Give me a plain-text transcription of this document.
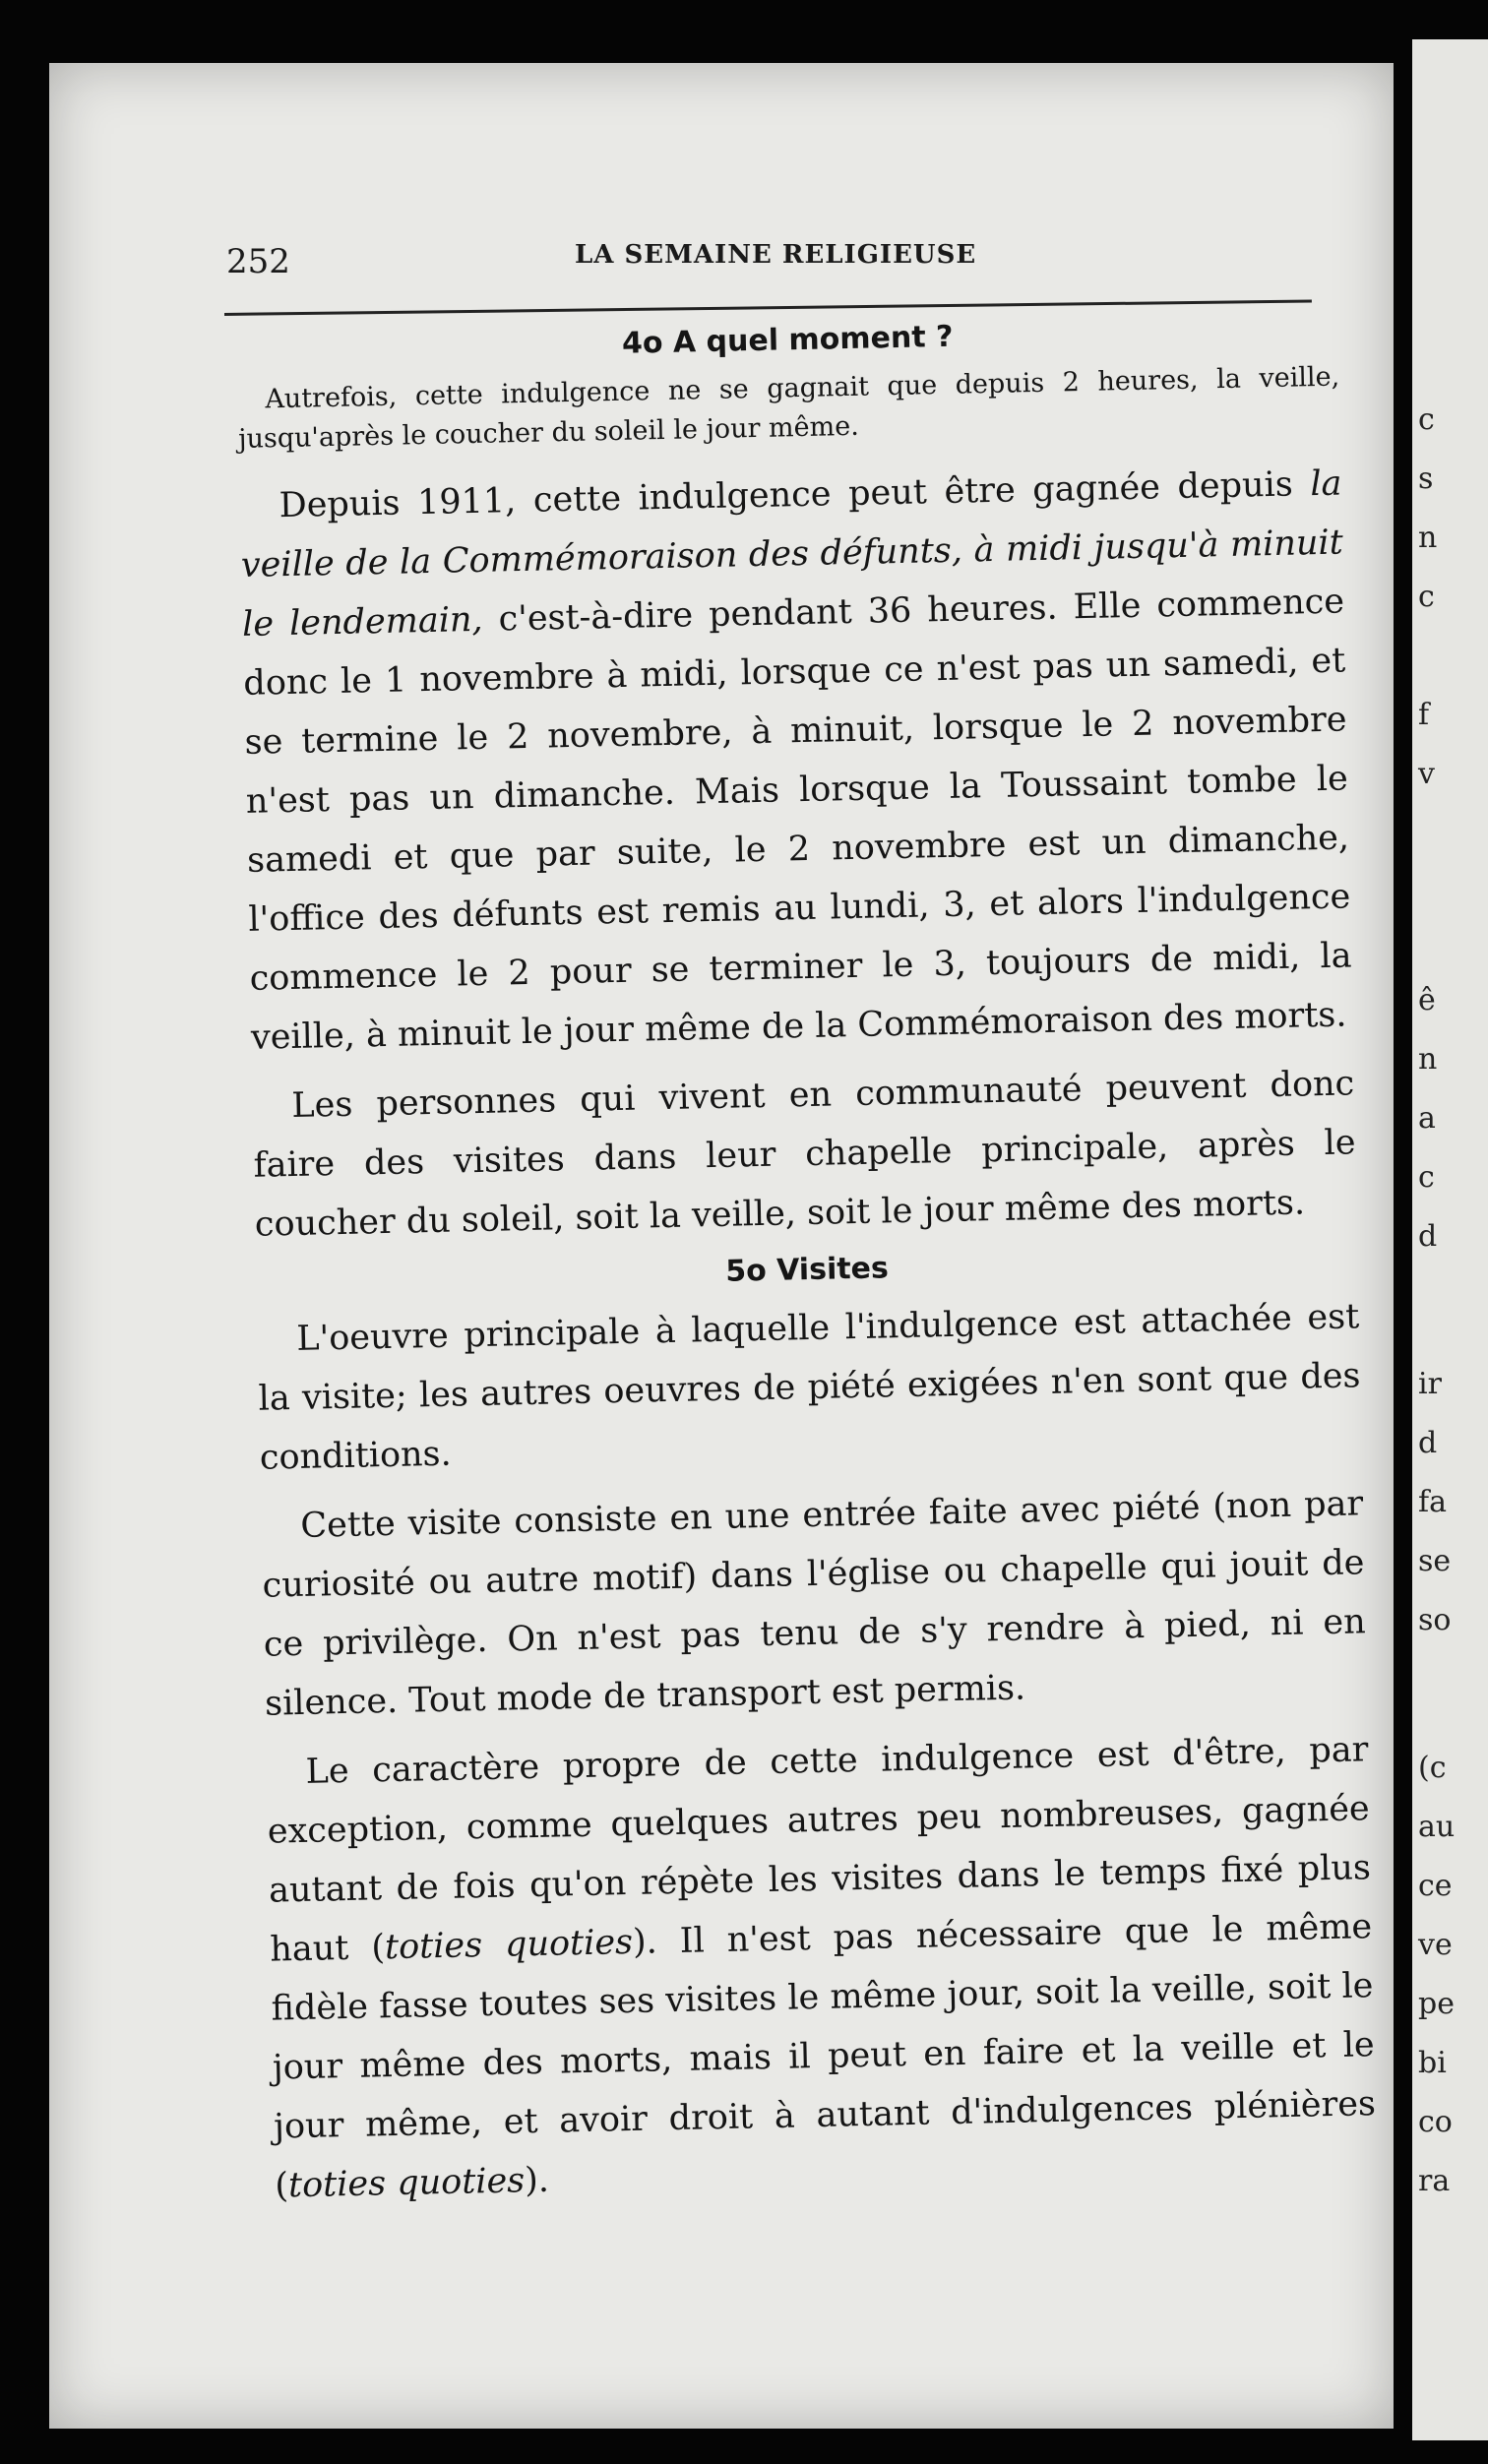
c
s
n
c
f
v
ê
n
a
c
d
ir
d
fa
se
so
(c
au
ce
ve
pe
bi
co
ra
252	LA SEMAINE RELIGIEUSE
4o A quel moment ?

Autrefois, cette indulgence ne se gagnait que depuis 2 heures, la veille, jusqu'après le coucher du soleil le jour même.

Depuis 1911, cette indulgence peut être gagnée depuis la veille de la Commémoraison des défunts, à midi jusqu'à minuit le lendemain, c'est-à-dire pendant 36 heures. Elle commence donc le 1 novembre à midi, lorsque ce n'est pas un samedi, et se termine le 2 novembre, à minuit, lorsque le 2 novembre n'est pas un dimanche. Mais lorsque la Toussaint tombe le samedi et que par suite, le 2 novembre est un dimanche, l'office des défunts est remis au lundi, 3, et alors l'indulgence commence le 2 pour se terminer le 3, toujours de midi, la veille, à minuit le jour même de la Commémoraison des morts.

Les personnes qui vivent en communauté peuvent donc faire des visites dans leur chapelle principale, après le coucher du soleil, soit la veille, soit le jour même des morts.

5o Visites

L'oeuvre principale à laquelle l'indulgence est attachée est la visite; les autres oeuvres de piété exigées n'en sont que des conditions.

Cette visite consiste en une entrée faite avec piété (non par curiosité ou autre motif) dans l'église ou chapelle qui jouit de ce privilège. On n'est pas tenu de s'y rendre à pied, ni en silence. Tout mode de transport est permis.

Le caractère propre de cette indulgence est d'être, par exception, comme quelques autres peu nombreuses, gagnée autant de fois qu'on répète les visites dans le temps fixé plus haut (toties quoties). Il n'est pas nécessaire que le même fidèle fasse toutes ses visites le même jour, soit la veille, soit le jour même des morts, mais il peut en faire et la veille et le jour même, et avoir droit à autant d'indulgences plénières (toties quoties).
